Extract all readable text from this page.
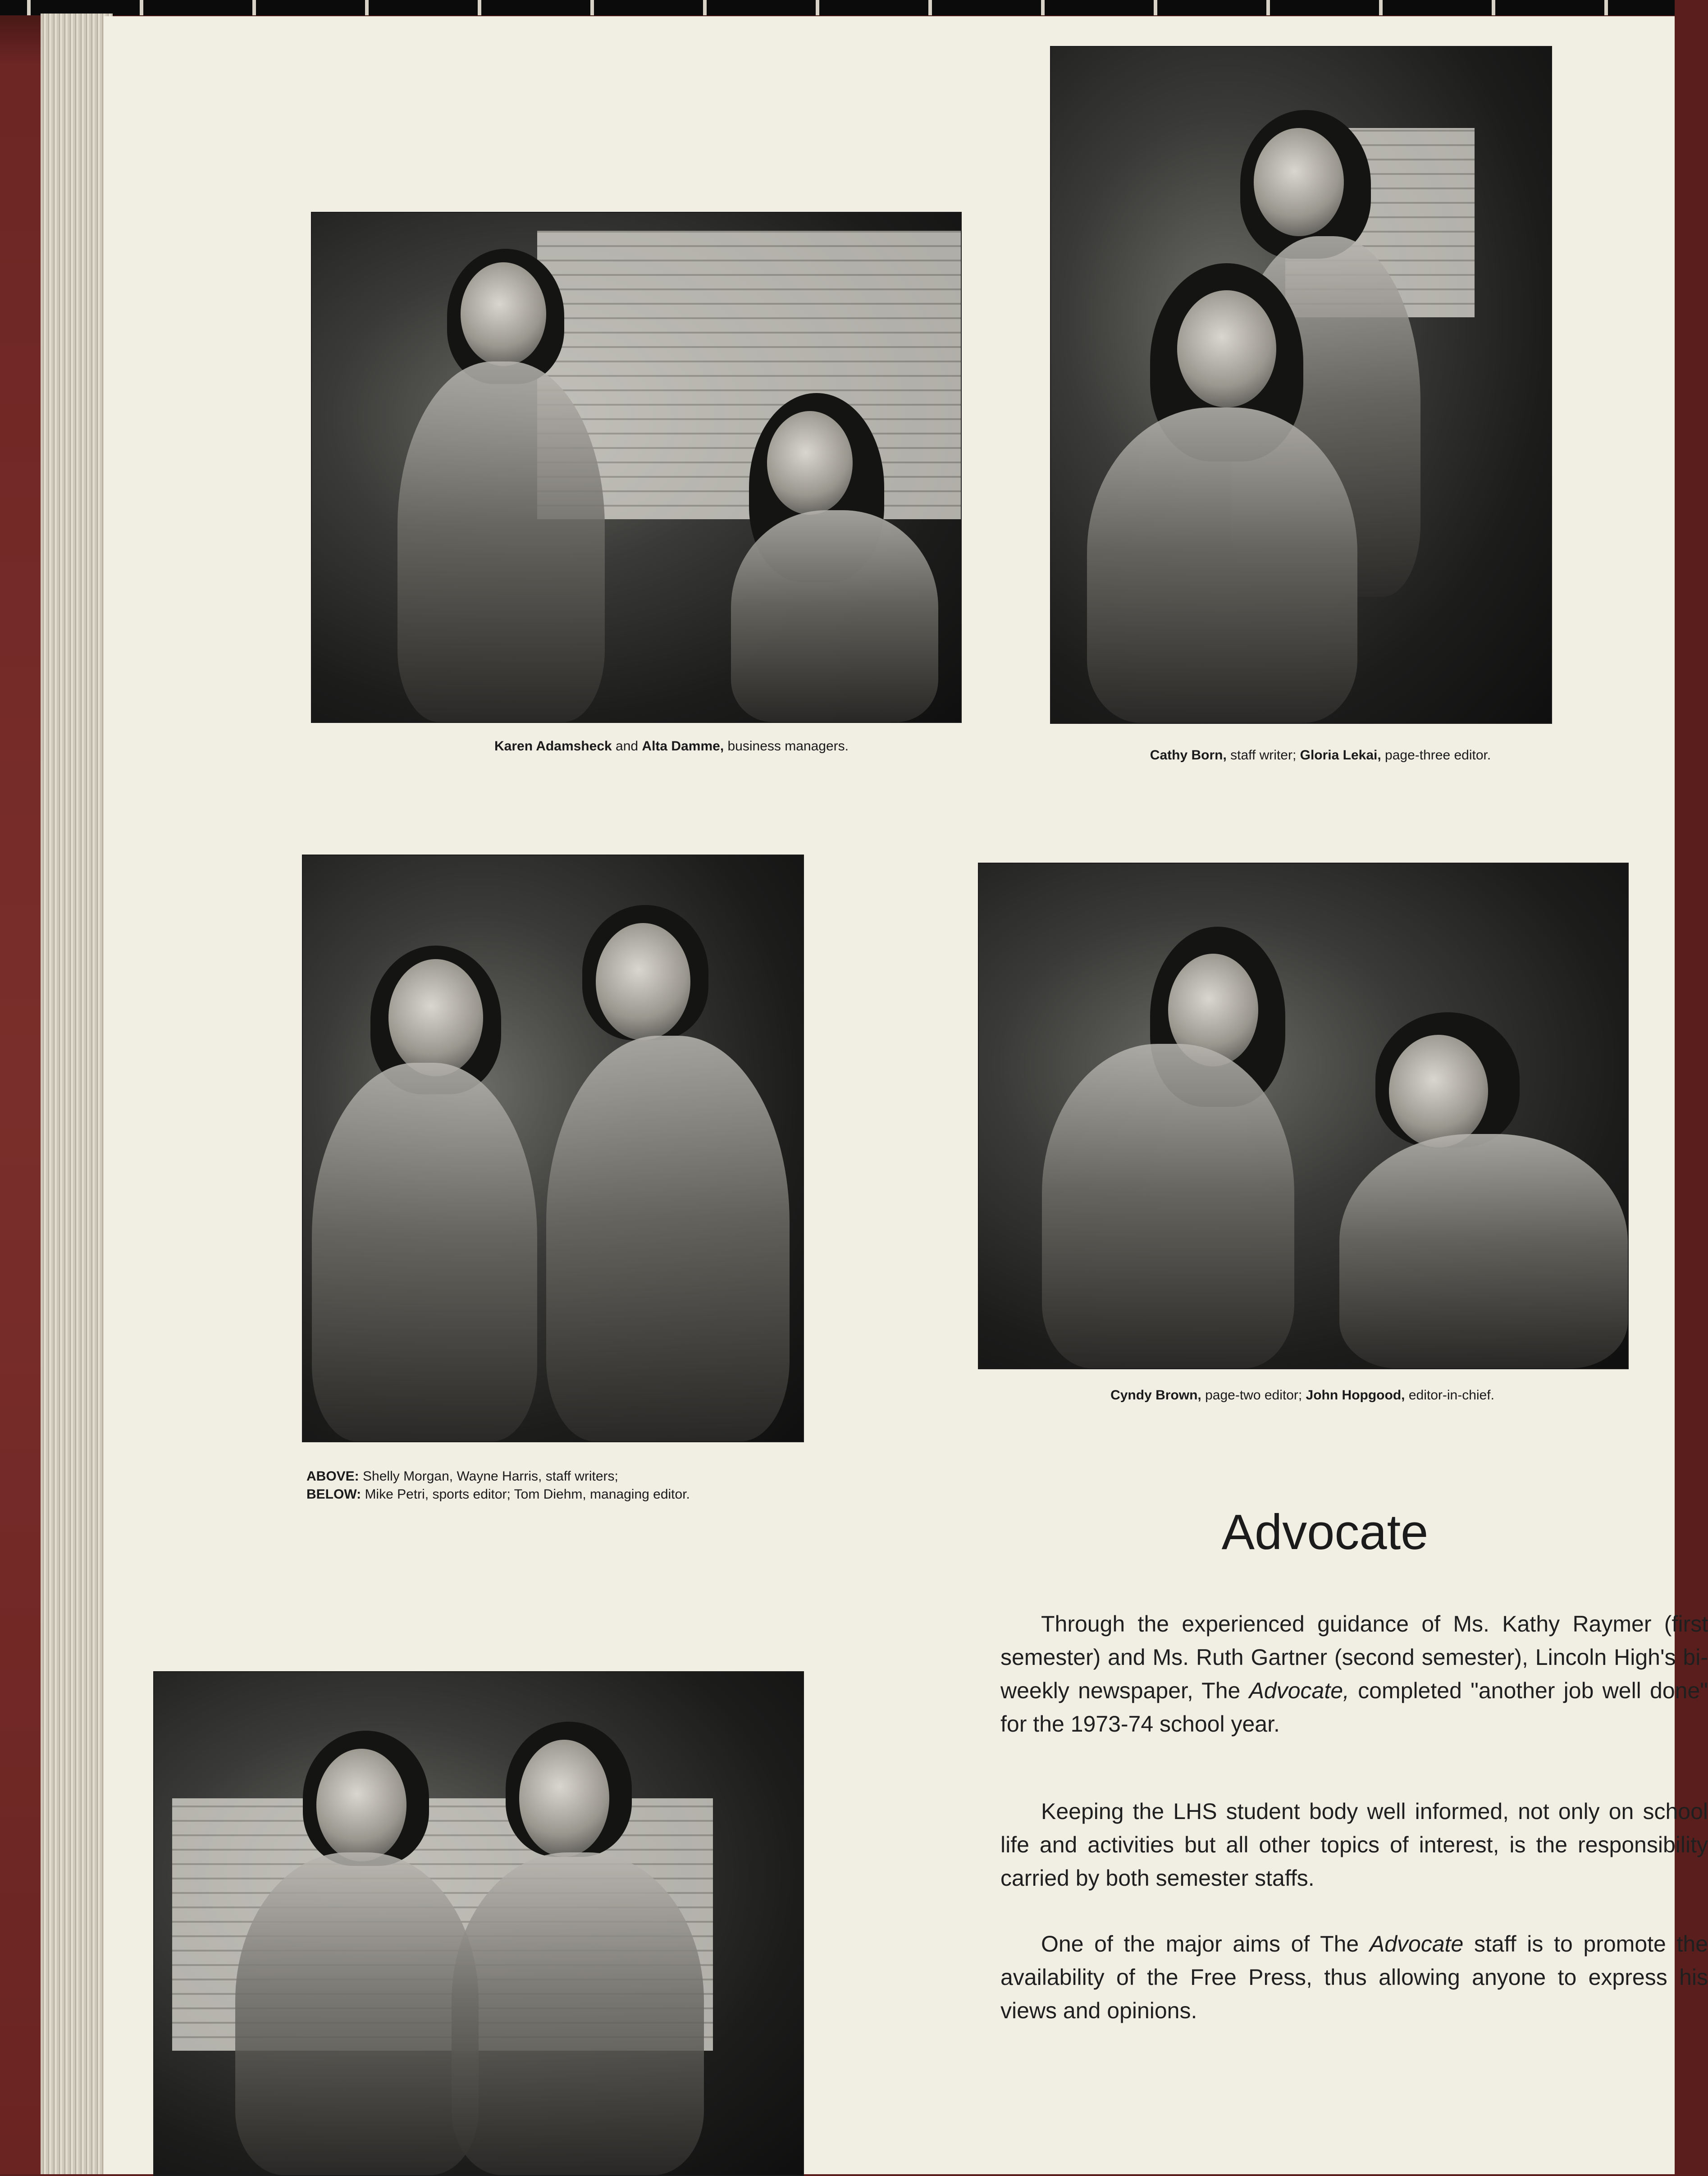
Karen Adamsheck and Alta Damme, business managers.
Cathy Born, staff writer; Gloria Lekai, page-three editor.
ABOVE: Shelly Morgan, Wayne Harris, staff writers;
BELOW: Mike Petri, sports editor; Tom Diehm, managing editor.
Cyndy Brown, page-two editor; John Hopgood, editor-in-chief.
Advocate

Through the experienced guidance of Ms. Kathy Raymer (first semester) and Ms. Ruth Gartner (second semester), Lincoln High's bi-weekly newspaper, The Advocate, completed "another job well done" for the 1973-74 school year.

Keeping the LHS student body well informed, not only on school life and activities but all other topics of interest, is the responsibility carried by both semester staffs.

One of the major aims of The Advocate staff is to promote the availability of the Free Press, thus allowing anyone to express his views and opinions.
